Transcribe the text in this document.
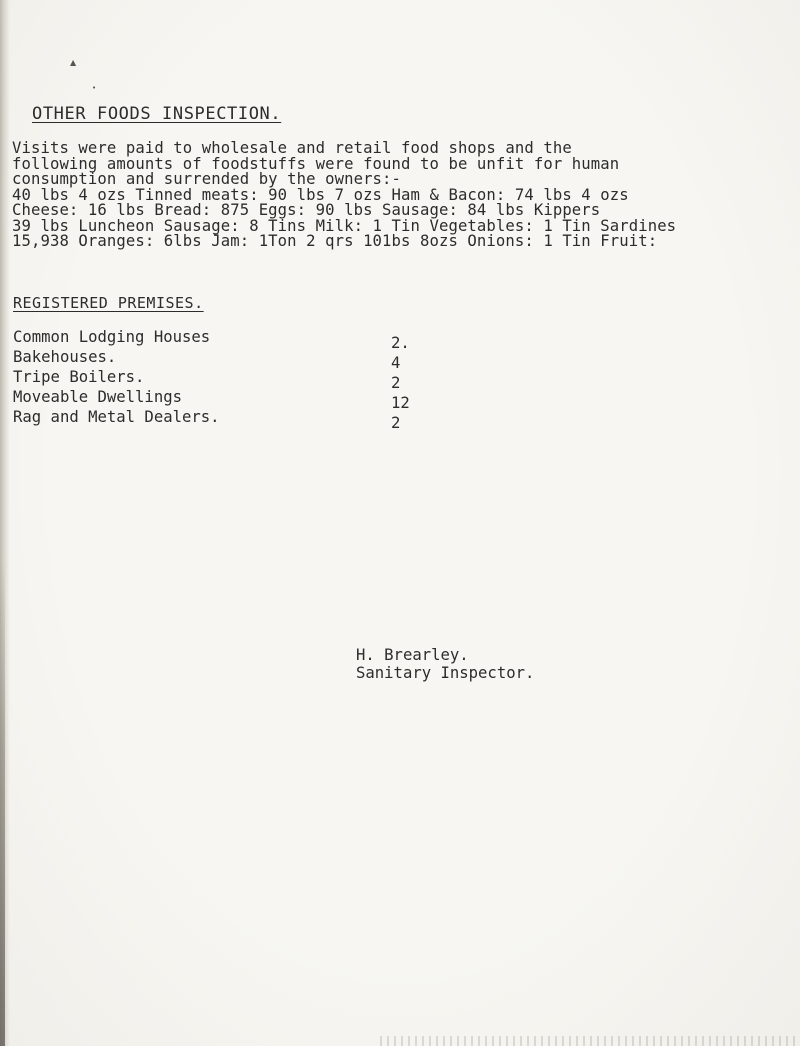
▲
•
OTHER FOODS INSPECTION.
Visits were paid to wholesale and retail food shops and the
following amounts of foodstuffs were found to be unfit for human
consumption and surrended by the owners:-
40 lbs 4 ozs Tinned meats: 90 lbs 7 ozs Ham & Bacon: 74 lbs 4 ozs
Cheese: 16 lbs Bread: 875 Eggs: 90 lbs Sausage: 84 lbs Kippers
39 lbs Luncheon Sausage: 8 Tins Milk: 1 Tin Vegetables: 1 Tin Sardines
15,938 Oranges: 6lbs Jam: 1Ton 2 qrs 101bs 8ozs Onions: 1 Tin Fruit:
REGISTERED PREMISES.
Common Lodging Houses	2.
Bakehouses.	4
Tripe Boilers.	2
Moveable Dwellings	12
Rag and Metal Dealers.	2
H. Brearley.
Sanitary Inspector.
